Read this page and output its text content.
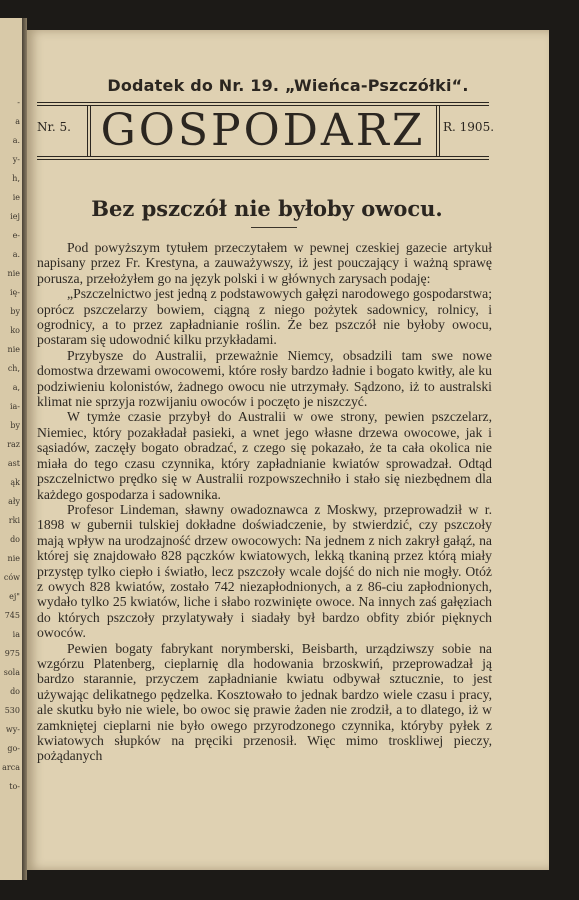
-
a
a.
y-
h,
ie
iej
e-
a.
nie
ię-
by
ko
nie
ch,
a,
ia-
by
raz
ast
ąk
ały
rki
do
nie
ców
ej"
745
ia
975
sola
do
530
wy-
go-
arca
to-
Dodatek do Nr. 19. „Wieńca-Pszczółki“.
Nr. 5. GOSPODARZ	R. 1905.
Bez pszczół nie byłoby owocu.

Pod powyższym tytułem przeczytałem w pewnej czeskiej gazecie artykuł napisany przez Fr. Krestyna, a zauważywszy, iż jest pouczający i ważną sprawę porusza, przełożyłem go na język polski i w głównych zarysach podaję:

„Pszczelnictwo jest jedną z podstawowych gałęzi narodowego gospodarstwa; oprócz pszczelarzy bowiem, ciągną z niego pożytek sadownicy, rolnicy, i ogrodnicy, a to przez zapładnianie roślin. Że bez pszczół nie byłoby owocu, postaram się udowodnić kilku przykładami.

Przybysze do Australii, przeważnie Niemcy, obsadzili tam swe nowe domostwa drzewami owocowemi, które rosły bardzo ładnie i bogato kwitły, ale ku podziwieniu kolonistów, żadnego owocu nie utrzymały. Sądzono, iż to australski klimat nie sprzyja rozwijaniu owoców i poczęto je niszczyć.

W tymże czasie przybył do Australii w owe strony, pewien pszczelarz, Niemiec, który pozakładał pasieki, a wnet jego własne drzewa owocowe, jak i sąsiadów, zaczęły bogato obradzać, z czego się pokazało, że ta cała okolica nie miała do tego czasu czynnika, który zapładnianie kwiatów sprowadzał. Odtąd pszczelnictwo prędko się w Australii rozpowszechniło i stało się niezbędnem dla każdego gospodarza i sadownika.

Profesor Lindeman, sławny owadoznawca z Moskwy, przeprowadził w r. 1898 w gubernii tulskiej dokładne doświadczenie, by stwierdzić, czy pszczoły mają wpływ na urodzajność drzew owocowych: Na jednem z nich zakrył gałąź, na której się znajdowało 828 pączków kwiatowych, lekką tkaniną przez którą miały przystęp tylko ciepło i światło, lecz pszczoły wcale dojść do nich nie mogły. Otóż z owych 828 kwiatów, zostało 742 niezapłodnionych, a z 86-ciu zapłodnionych, wydało tylko 25 kwiatów, liche i słabo rozwinięte owoce. Na innych zaś gałęziach do których pszczoły przylatywały i siadały był bardzo obfity zbiór pięknych owoców.

Pewien bogaty fabrykant norymberski, Beisbarth, urządziwszy sobie na wzgórzu Platenberg, cieplarnię dla hodowania brzoskwiń, przeprowadzał ją bardzo starannie, przyczem zapładnianie kwiatu odbywał sztucznie, to jest używając delikatnego pędzelka. Kosztowało to jednak bardzo wiele czasu i pracy, ale skutku było nie wiele, bo owoc się prawie żaden nie zrodził, a to dlatego, iż w zamkniętej cieplarni nie było owego przyrodzonego czynnika, któryby pyłek z kwiatowych słupków na pręciki przenosił. Więc mimo troskliwej pieczy, pożądanych
